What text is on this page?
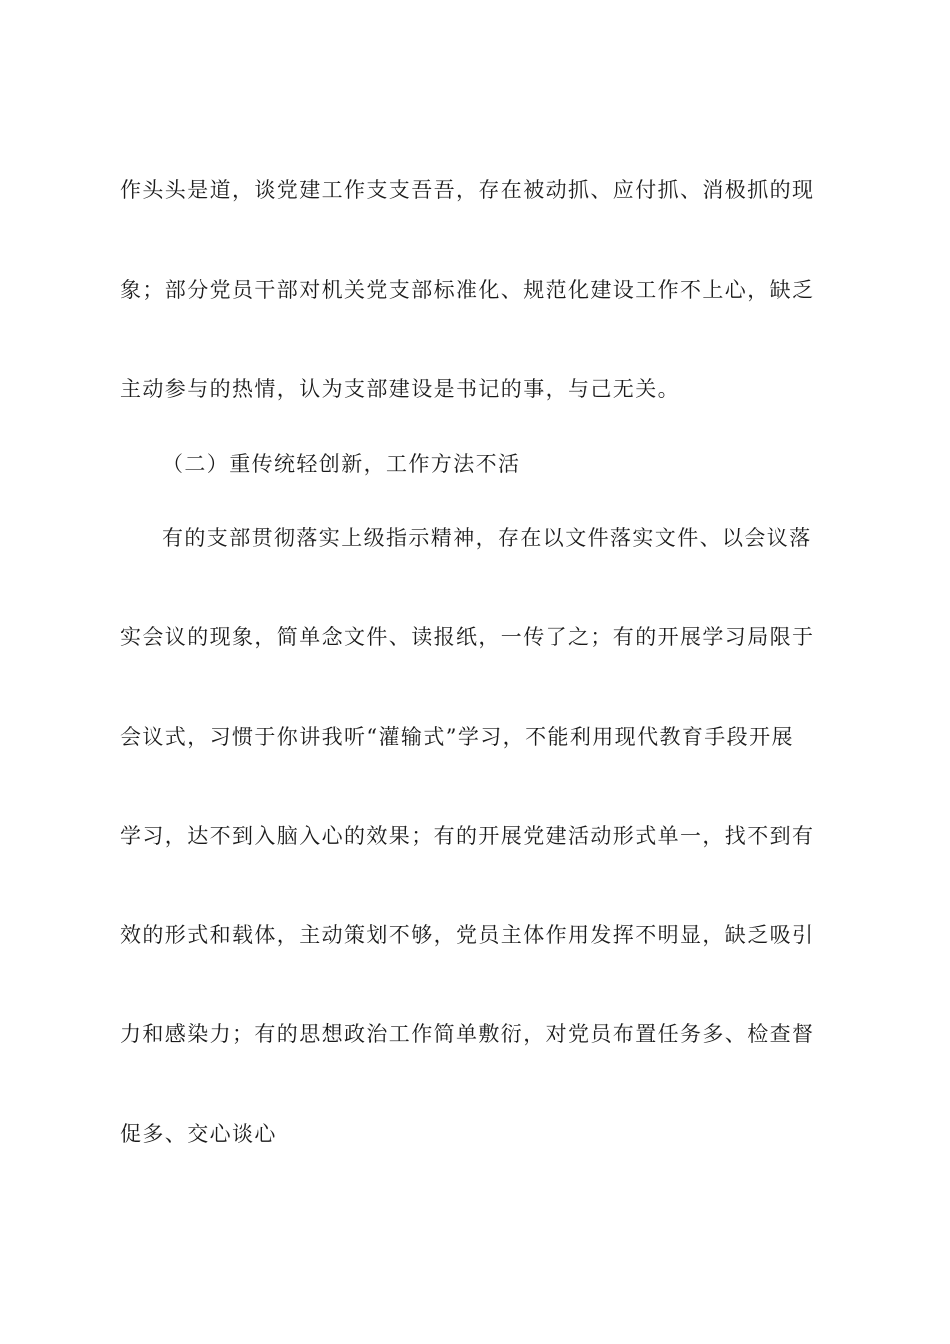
作头头是道，谈党建工作支支吾吾，存在被动抓、应付抓、消极抓的现
象；部分党员干部对机关党支部标准化、规范化建设工作不上心，缺乏
主动参与的热情，认为支部建设是书记的事，与己无关。
（二）重传统轻创新，工作方法不活
有的支部贯彻落实上级指示精神，存在以文件落实文件、以会议落
实会议的现象，简单念文件、读报纸，一传了之；有的开展学习局限于
会议式，习惯于你讲我听“灌输式”学习，不能利用现代教育手段开展
学习，达不到入脑入心的效果；有的开展党建活动形式单一，找不到有
效的形式和载体，主动策划不够，党员主体作用发挥不明显，缺乏吸引
力和感染力；有的思想政治工作简单敷衍，对党员布置任务多、检查督
促多、交心谈心
